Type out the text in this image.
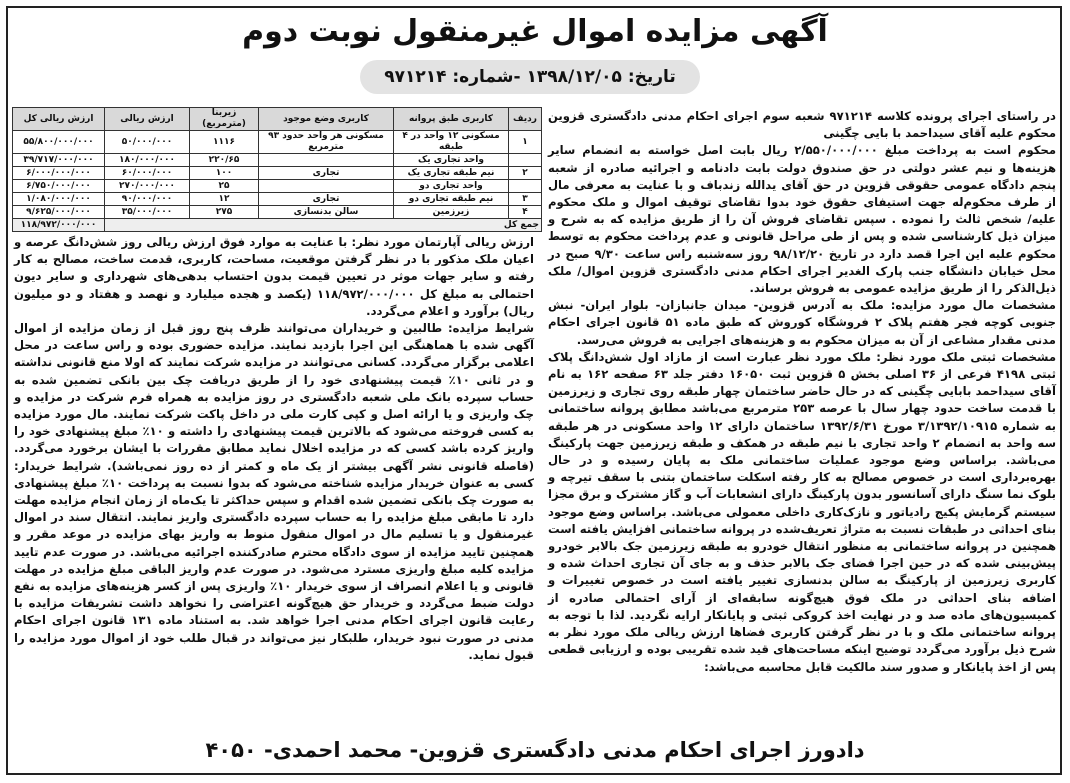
آگهی مزایده اموال غیرمنقول نوبت دوم
تاریخ: ۱۳۹۸/۱۲/۰۵ -شماره: ۹۷۱۲۱۴

در راستای اجرای پرونده کلاسه ۹۷۱۲۱۴ شعبه سوم اجرای احکام مدنی دادگستری قزوین محکوم علیه آقای سیداحمد با بایی چگینی

محکوم است به پرداخت مبلغ ۲/۵۵۰/۰۰۰/۰۰۰ ریال بابت اصل خواسته به انضمام سایر هزینه‌ها و نیم عشر دولتی در حق صندوق دولت بابت دادنامه و اجرائیه صادره از شعبه پنجم دادگاه عمومی حقوقی قزوین در حق آقای یدالله زندباف و با عنایت به معرفی مال از طرف محکوم‌له جهت استیفای حقوق خود بدوا تقاضای توقیف اموال و ملک محکوم علیه/ شخص ثالث را نموده . سپس تقاضای فروش آن را از طریق مزایده که به شرح و میزان ذیل کارشناسی شده و پس از طی مراحل قانونی و عدم پرداخت محکوم به توسط محکوم علیه این اجرا قصد دارد در تاریخ ۹۸/۱۲/۲۰ روز سه‌شنبه راس ساعت ۹/۳۰ صبح در محل خیابان دانشگاه جنب پارک الغدیر اجرای احکام مدنی دادگستری قزوین اموال/ ملک ذیل‌الذکر را از طریق مزایده عمومی به فروش برساند.

مشخصات مال مورد مزایده: ملک به آدرس قزوین- میدان جانبازان- بلوار ایران- نبش جنوبی کوچه فجر هفتم پلاک ۲ فروشگاه کوروش که طبق ماده ۵۱ قانون اجرای احکام مدنی مقدار مشاعی از آن به میزان محکوم به و هزینه‌های اجرایی به فروش می‌رسد.

مشخصات ثبتی ملک مورد نظر: ملک مورد نظر عبارت است از مازاد اول شش‌دانگ پلاک ثبتی ۴۱۹۸ فرعی از ۳۶ اصلی بخش ۵ قزوین ثبت ۱۶۰۵۰ دفتر جلد ۶۳ صفحه ۱۶۲ به نام آقای سیداحمد بابایی چگینی که در حال حاضر ساختمان چهار طبقه روی تجاری و زیرزمین با قدمت ساخت حدود چهار سال با عرصه ۲۵۳ مترمربع می‌باشد مطابق پروانه ساختمانی به شماره ۳/۱۳۹۲/۱۰۹۱۵ مورخ ۱۳۹۲/۶/۳۱ ساختمان دارای ۱۲ واحد مسکونی در هر طبقه سه واحد به انضمام ۲ واحد تجاری با نیم طبقه در همکف و طبقه زیرزمین جهت پارکینگ می‌باشد. براساس وضع موجود عملیات ساختمانی ملک به پایان رسیده و در حال بهره‌برداری است در خصوص مصالح به کار رفته اسکلت ساختمان بتنی با سقف تیرچه و بلوک نما سنگ دارای آسانسور بدون پارکینگ دارای انشعابات آب و گاز مشترک و برق مجزا سیستم گرمایش پکیج رادیاتور و نازک‌کاری داخلی معمولی می‌باشد. براساس وضع موجود بنای احداثی در طبقات نسبت به متراژ تعریف‌شده در پروانه ساختمانی افزایش یافته است همچنین در پروانه ساختمانی به منظور انتقال خودرو به طبقه زیرزمین جک بالابر خودرو پیش‌بینی شده که در حین اجرا فضای جک بالابر حذف و به جای آن تجاری احداث شده و کاربری زیرزمین از پارکینگ به سالن بدنسازی تغییر یافته است در خصوص تغییرات و اضافه بنای احداثی در ملک فوق هیچ‌گونه سابقه‌ای از آرای احتمالی صادره از کمیسیون‌های ماده صد و در نهایت اخذ کروکی ثبتی و پایانکار ارایه نگردید. لذا با توجه به پروانه ساختمانی ملک و با در نظر گرفتن کاربری فضاها ارزش ریالی ملک مورد نظر به شرح ذیل برآورد می‌گردد توضیح اینکه مساحت‌های قید شده تقریبی بوده و ارزیابی قطعی پس از اخذ پایانکار و صدور سند مالکیت قابل محاسبه می‌باشد:

ردیف	کاربری طبق پروانه	کاربری وضع موجود	زیربنا (مترمربع)	ارزش ریالی	ارزش ریالی کل
۱	مسکونی ۱۲ واحد در ۴ طبقه	مسکونی هر واحد حدود ۹۳ مترمربع	۱۱۱۶	۵۰/۰۰۰/۰۰۰	۵۵/۸۰۰/۰۰۰/۰۰۰
	واحد تجاری یک		۲۲۰/۶۵	۱۸۰/۰۰۰/۰۰۰	۳۹/۷۱۷/۰۰۰/۰۰۰
۲	نیم طبقه تجاری یک	تجاری	۱۰۰	۶۰/۰۰۰/۰۰۰	۶/۰۰۰/۰۰۰/۰۰۰
	واحد تجاری دو		۲۵	۲۷۰/۰۰۰/۰۰۰	۶/۷۵۰/۰۰۰/۰۰۰
۳	نیم طبقه تجاری دو	تجاری	۱۲	۹۰/۰۰۰/۰۰۰	۱/۰۸۰/۰۰۰/۰۰۰
۴	زیرزمین	سالن بدنسازی	۲۷۵	۳۵/۰۰۰/۰۰۰	۹/۶۲۵/۰۰۰/۰۰۰
جمع کل					۱۱۸/۹۷۲/۰۰۰/۰۰۰

ارزش ریالی آپارتمان مورد نظر: با عنایت به موارد فوق ارزش ریالی روز شش‌دانگ عرصه و اعیان ملک مذکور با در نظر گرفتن موقعیت، مساحت، کاربری، قدمت ساخت، مصالح به کار رفته و سایر جهات موثر در تعیین قیمت بدون احتساب بدهی‌های شهرداری و سایر دیون احتمالی به مبلغ کل ۱۱۸/۹۷۲/۰۰۰/۰۰۰ (یکصد و هجده میلیارد و نهصد و هفتاد و دو میلیون ریال) برآورد و اعلام می‌گردد.

شرایط مزایده: طالبین و خریداران می‌توانند ظرف پنج روز قبل از زمان مزایده از اموال آگهی شده با هماهنگی این اجرا بازدید نمایند. مزایده حضوری بوده و راس ساعت در محل اعلامی برگزار می‌گردد. کسانی می‌توانند در مزایده شرکت نمایند که اولا منع قانونی نداشته و در ثانی ۱۰٪ قیمت پیشنهادی خود را از طریق دریافت چک بین بانکی تضمین شده به حساب سپرده بانک ملی شعبه دادگستری در روز مزایده به همراه فرم شرکت در مزایده و چک واریزی و یا ارائه اصل و کپی کارت ملی در داخل پاکت شرکت نمایند. مال مورد مزایده به کسی فروخته می‌شود که بالاترین قیمت پیشنهادی را داشته و ۱۰٪ مبلغ پیشنهادی خود را واریز کرده باشد کسی که در مزایده اخلال نماید مطابق مقررات با ایشان برخورد می‌گردد. (فاصله قانونی نشر آگهی بیشتر از یک ماه و کمتر از ده روز نمی‌باشد). شرایط خریدار: کسی به عنوان خریدار مزایده شناخته می‌شود که بدوا نسبت به پرداخت ۱۰٪ مبلغ پیشنهادی به صورت چک بانکی تضمین شده اقدام و سپس حداکثر تا یک‌ماه از زمان انجام مزایده مهلت دارد تا مابقی مبلغ مزایده را به حساب سپرده دادگستری واریز نمایند. انتقال سند در اموال غیرمنقول و یا تسلیم مال در اموال منقول منوط به واریز بهای مزایده در موعد مقرر و همچنین تایید مزایده از سوی دادگاه محترم صادرکننده اجرائیه می‌باشد. در صورت عدم تایید مزایده کلیه مبلغ واریزی مسترد می‌شود. در صورت عدم واریز الباقی مبلغ مزایده در مهلت قانونی و یا اعلام انصراف از سوی خریدار ۱۰٪ واریزی پس از کسر هزینه‌های مزایده به نفع دولت ضبط می‌گردد و خریدار حق هیچ‌گونه اعتراضی را نخواهد داشت تشریفات مزایده با رعایت قانون اجرای احکام مدنی اجرا خواهد شد. به استناد ماده ۱۳۱ قانون اجرای احکام مدنی در صورت نبود خریدار، طلبکار نیز می‌تواند در قبال طلب خود از اموال مورد مزایده را قبول نماید.

دادورز اجرای احکام مدنی دادگستری قزوین- محمد احمدی- ۴۰۵۰
